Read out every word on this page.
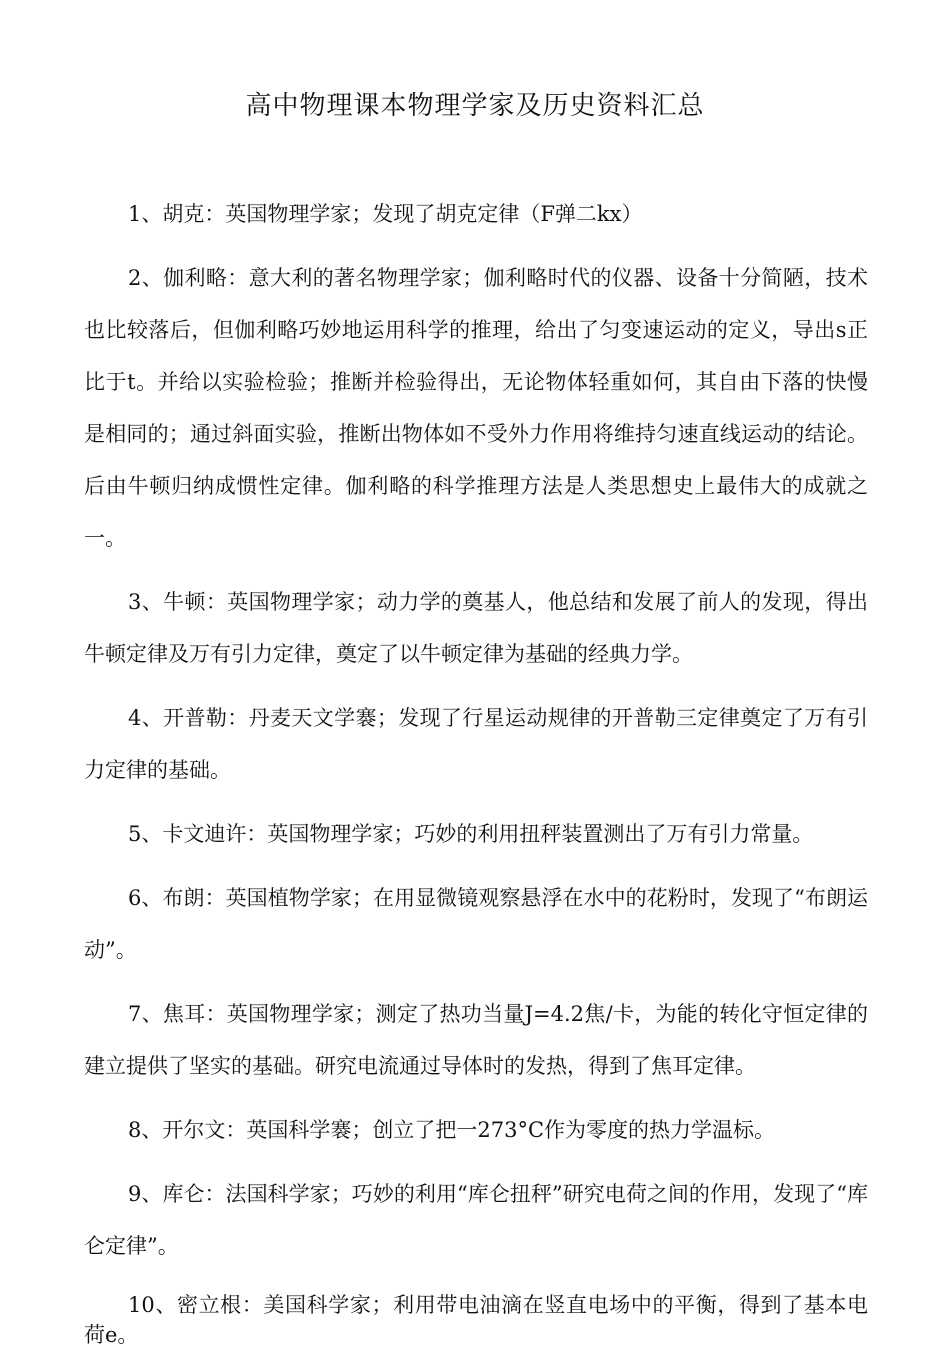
高中物理课本物理学家及历史资料汇总

1、胡克：英国物理学家；发现了胡克定律（F弹二kx）

2、伽利略：意大利的著名物理学家；伽利略时代的仪器、设备十分简陋，技术也比较落后，但伽利略巧妙地运用科学的推理，给出了匀变速运动的定义，导出s正比于t。并给以实验检验；推断并检验得出，无论物体轻重如何，其自由下落的快慢是相同的；通过斜面实验，推断出物体如不受外力作用将维持匀速直线运动的结论。后由牛顿归纳成惯性定律。伽利略的科学推理方法是人类思想史上最伟大的成就之一。

3、牛顿：英国物理学家；动力学的奠基人，他总结和发展了前人的发现，得出牛顿定律及万有引力定律，奠定了以牛顿定律为基础的经典力学。

4、开普勒：丹麦天文学褰；发现了行星运动规律的开普勒三定律奠定了万有引力定律的基础。

5、卡文迪许：英国物理学家；巧妙的利用扭秤装置测出了万有引力常量。

6、布朗：英国植物学家；在用显微镜观察悬浮在水中的花粉时，发现了“布朗运动”。

7、焦耳：英国物理学家；测定了热功当量J=4.2焦/卡，为能的转化守恒定律的建立提供了坚实的基础。研究电流通过导体时的发热，得到了焦耳定律。

8、开尔文：英国科学褰；创立了把一273°C作为零度的热力学温标。

9、库仑：法国科学家；巧妙的利用“库仑扭秤”研究电荷之间的作用，发现了“库仑定律”。

10、密立根：美国科学家；利用带电油滴在竖直电场中的平衡，得到了基本电荷e。
